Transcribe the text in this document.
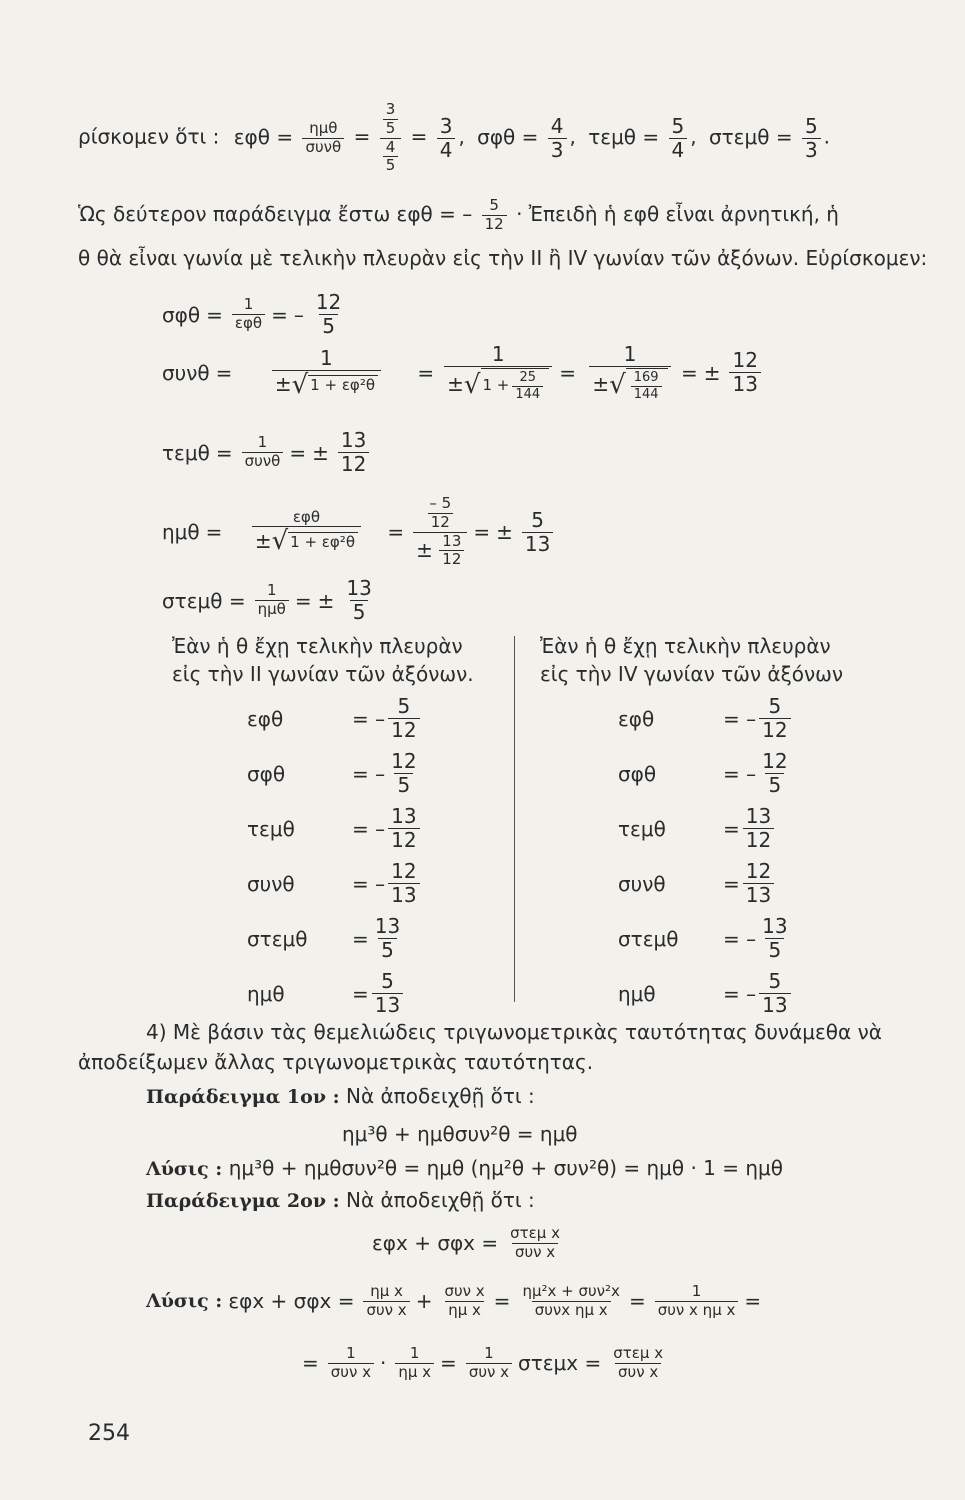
ρίσκομεν ὅτι : $\varepsilon\varphi\theta = \frac{\text{ημθ}}{\text{συνθ}} = \frac{\frac{3}{5}}{\frac{4}{5}} = \frac{3}{4}$ , $\sigma\varphi\theta = \frac{4}{3}$ , $\tau\varepsilon\mu\theta = \frac{5}{4}$ , $\sigma\tau\varepsilon\mu\theta = \frac{5}{3}$ .
Ὡς δεύτερον παράδειγμα ἔστω εφθ = – $\frac{5}{12}$ · Ἐπειδὴ ἡ εφθ εἶναι ἀρνητική, ἡ
θ θὰ εἶναι γωνία μὲ τελικὴν πλευρὰν εἰς τὴν ΙΙ ἢ ΙV γωνίαν τῶν ἀξόνων. Εὑρίσκομεν:
$\sigma\varphi\theta = \frac{1}{\text{εφθ}}$ = – $\frac{12}{5}$
$\sigma\upsilon\nu\theta = \frac{1}{\text{± √ 1 + εφ²θ}} = \frac{1}{\pm √ 1 + \frac{25}{144}} = \frac{1}{\pm √ \frac{169}{144}}$ = ± $\frac{12}{13}$
$\tau\varepsilon\mu\theta = \frac{1}{\text{συνθ}}$ = ± $\frac{13}{12}$
$\eta\mu\theta = \frac{\text{εφθ}}{\text{± √ 1 + εφ²θ}} = \frac{\frac{- 5}{12}}{\pm \frac{13}{12}}$ = ± $\frac{5}{13}$
$\sigma\tau\varepsilon\mu\theta = \frac{1}{\text{ημθ}}$ = ± $\frac{13}{5}$
Ἐὰν ἡ θ ἔχῃ τελικὴν πλευρὰν
εἰς τὴν ΙΙ γωνίαν τῶν ἀξόνων.
εφθ	= – $\frac{5}{12}$
σφθ	= – $\frac{12}{5}$
τεμθ	= – $\frac{13}{12}$
συνθ	= – $\frac{12}{13}$
στεμθ	= $\frac{13}{5}$
ημθ	= $\frac{5}{13}$
Ἐὰν ἡ θ ἔχῃ τελικὴν πλευρὰν
εἰς τὴν ΙV γωνίαν τῶν ἀξόνων
εφθ	= – $\frac{5}{12}$
σφθ	= – $\frac{12}{5}$
τεμθ	= $\frac{13}{12}$
συνθ	= $\frac{12}{13}$
στεμθ	= – $\frac{13}{5}$
ημθ	= – $\frac{5}{13}$
4) Μὲ βάσιν τὰς θεμελιώδεις τριγωνομετρικὰς ταυτότητας δυνάμεθα νὰ
ἀποδείξωμεν ἄλλας τριγωνομετρικὰς ταυτότητας.
Παράδειγμα 1ον : Νὰ ἀποδειχθῇ ὅτι :
ημ³θ + ημθσυν²θ = ημθ
Λύσις : ημ³θ + ημθσυν²θ = ημθ (ημ²θ + συν²θ) = ημθ · 1 = ημθ
Παράδειγμα 2ον : Νὰ ἀποδειχθῇ ὅτι :
$\varepsilon\varphi x + \sigma\varphi x = \frac{\text{στεμ x}}{\text{συν x}}$
Λύσις : $\varepsilon\varphi x + \sigma\varphi x = \frac{\text{ημ x}}{\text{συν x}} + \frac{\text{συν x}}{\text{ημ x}} = \frac{\text{ημ²x + συν²x}}{\text{συνx ημ x}} = \frac{1}{\text{συν x ημ x}}$ =
= $\frac{1}{\text{συν x}} \cdot \frac{1}{\text{ημ x}} = \frac{1}{\text{συν x}}$ $\sigma\tau\varepsilon\mu x = \frac{\text{στεμ x}}{\text{συν x}}$
254
